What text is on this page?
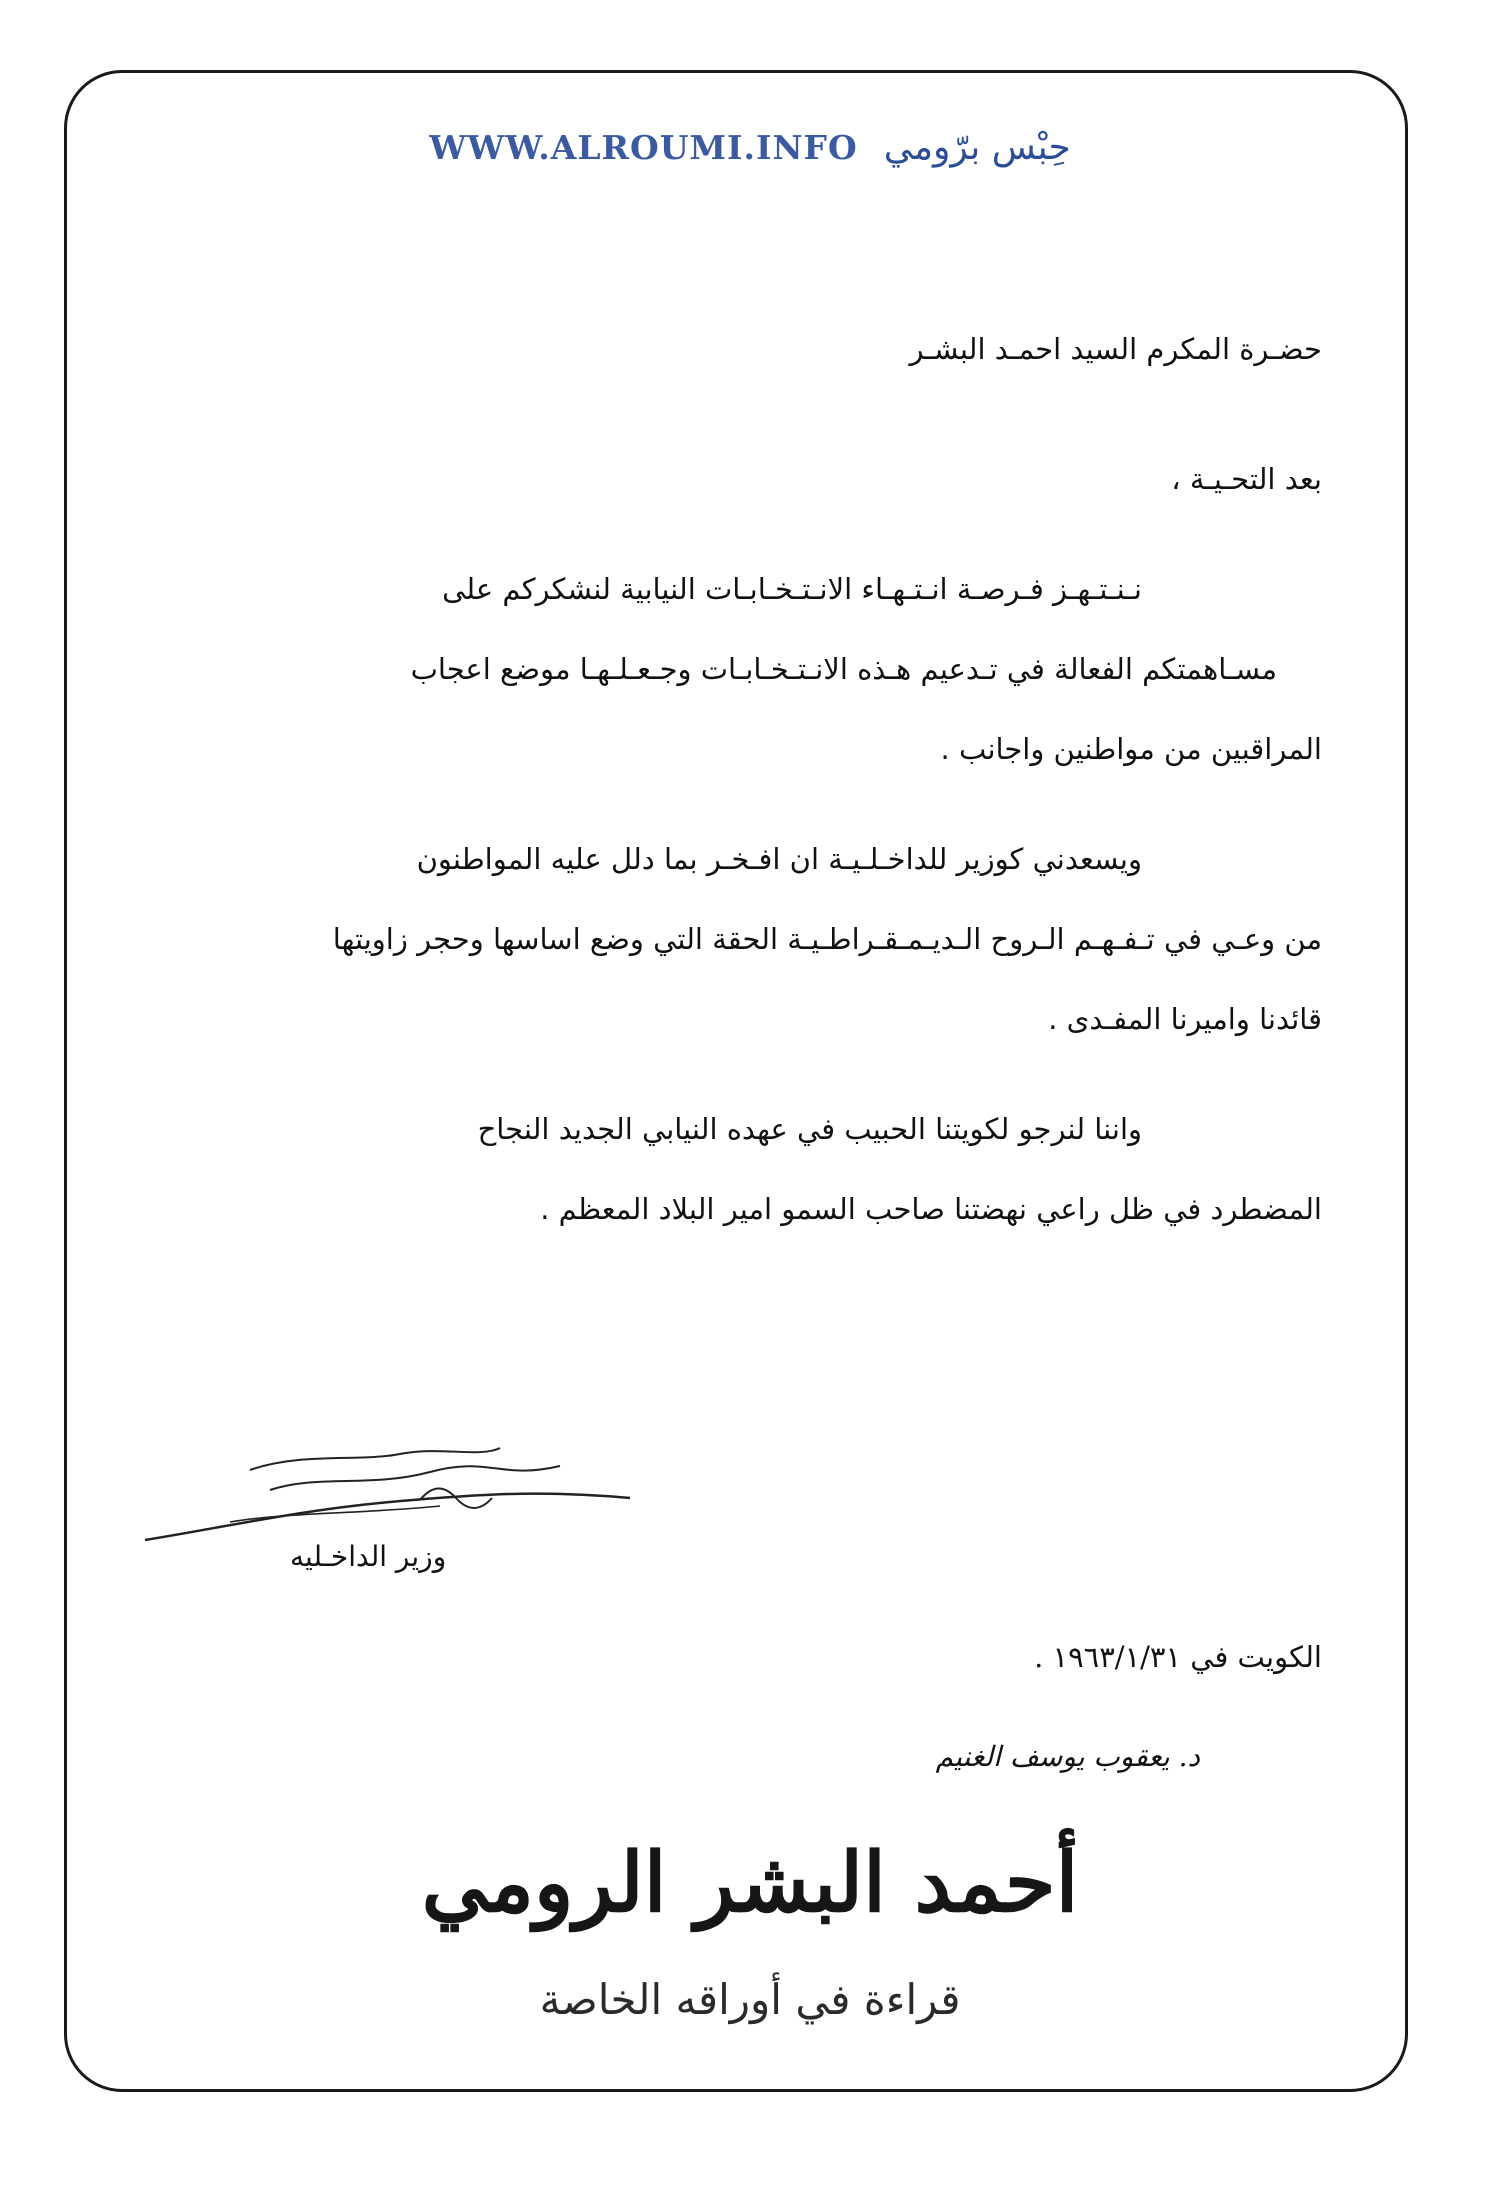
WWW.ALROUMI.INFO حِبْس برّومي
حضـرة المكرم السيد احمـد البشـر
بعد التحـيـة ،
نـنـتـهـز فـرصـة انـتـهـاء الانـتـخـابـات النيابية لنشكركم على
مسـاهمتكم الفعالة في تـدعيم هـذه الانـتـخـابـات وجـعـلـهـا موضع اعجاب
المراقبين من مواطنين واجانب .
ويسعدني كوزير للداخـلـيـة ان افـخـر بما دلل عليه المواطنون
من وعـي في تـفـهـم الـروح الـديـمـقـراطـيـة الحقة التي وضع اساسها وحجر زاويتها
قائدنا واميرنا المفـدى .
واننا لنرجو لكويتنا الحبيب في عهده النيابي الجديد النجاح
المضطرد في ظل راعي نهضتنا صاحب السمو امير البلاد المعظم .
وزير الداخـليه
الكويت في ١٩٦٣/١/٣١ .
د. يعقوب يوسف الغنيم
أحمد البشر الرومي
قراءة في أوراقه الخاصة
